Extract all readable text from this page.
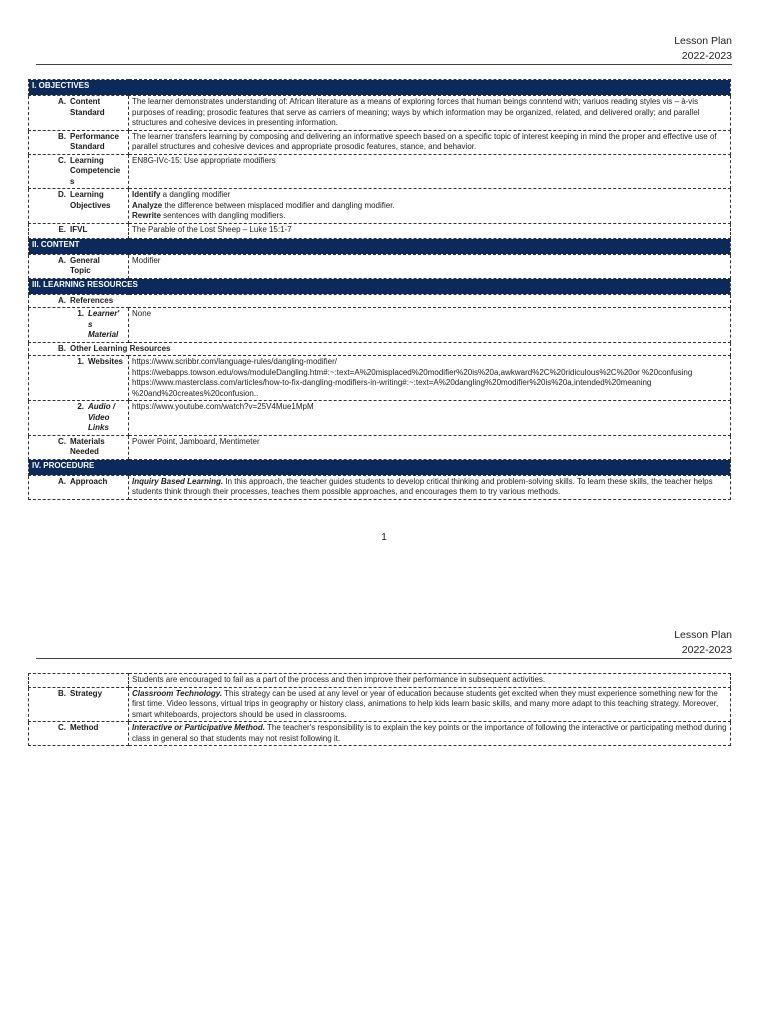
Lesson Plan
2022-2023
I. OBJECTIVES	
A. Content Standard	The learner demonstrates understanding of: African literature as a means of exploring forces that human beings conntend with; variuos reading styles vis – à-vis purposes of reading; prosodic features that serve as carriers of meaning; ways by which information may be organized, related, and delivered orally; and parallel structures and cohesive devices in presenting information.
B. Performance Standard	The learner transfers learning by composing and delivering an informative speech based on a specific topic of interest keeping in mind the proper and effective use of parallel structures and cohesive devices and appropriate prosodic features, stance, and behavior.
C. Learning Competencie s	EN8G-IVc-15: Use appropriate modifiers
D. Learning Objectives	Identify a dangling modifier
Analyze the difference between misplaced modifier and dangling modifier.
Rewrite sentences with dangling modifiers.

E. IFVL	The Parable of the Lost Sheep – Luke 15:1-7
II. CONTENT	
A. General Topic	Modifier
III. LEARNING RESOURCES	
A. References	
1. Learner' s Material	None
B. Other Learning Resources	
1. Websites	https://www.scribbr.com/language-rules/dangling-modifier/
https://webapps.towson.edu/ows/moduleDangling.htm#:~:text=A%20misplaced%20modifier%20is%20a,awkward%2C%20ridiculous%2C%20or %20confusing
https://www.masterclass.com/articles/how-to-fix-dangling-modifiers-in-writing#:~:text=A%20dangling%20modifier%20is%20a,intended%20meaning %20and%20creates%20confusion..

2. Audio / Video Links	https://www.youtube.com/watch?v=25V4Mue1MpM
C. Materials Needed	Power Point, Jamboard, Mentimeter
IV. PROCEDURE	
A. Approach	Inquiry Based Learning. In this approach, the teacher guides students to develop critical thinking and problem-solving skills. To learn these skills, the teacher helps students think through their processes, teaches them possible approaches, and encourages them to try various methods.
1
Lesson Plan
2022-2023
	Students are encouraged to fail as a part of the process and then improve their performance in subsequent activities.
B. Strategy	Classroom Technology. This strategy can be used at any level or year of education because students get excited when they must experience something new for the first time. Video lessons, virtual trips in geography or history class, animations to help kids learn basic skills, and many more adapt to this teaching strategy. Moreover, smart whiteboards, projectors should be used in classrooms.
C. Method	Interactive or Participative Method. The teacher's responsibility is to explain the key points or the importance of following the interactive or participating method during class in general so that students may not resist following it.
